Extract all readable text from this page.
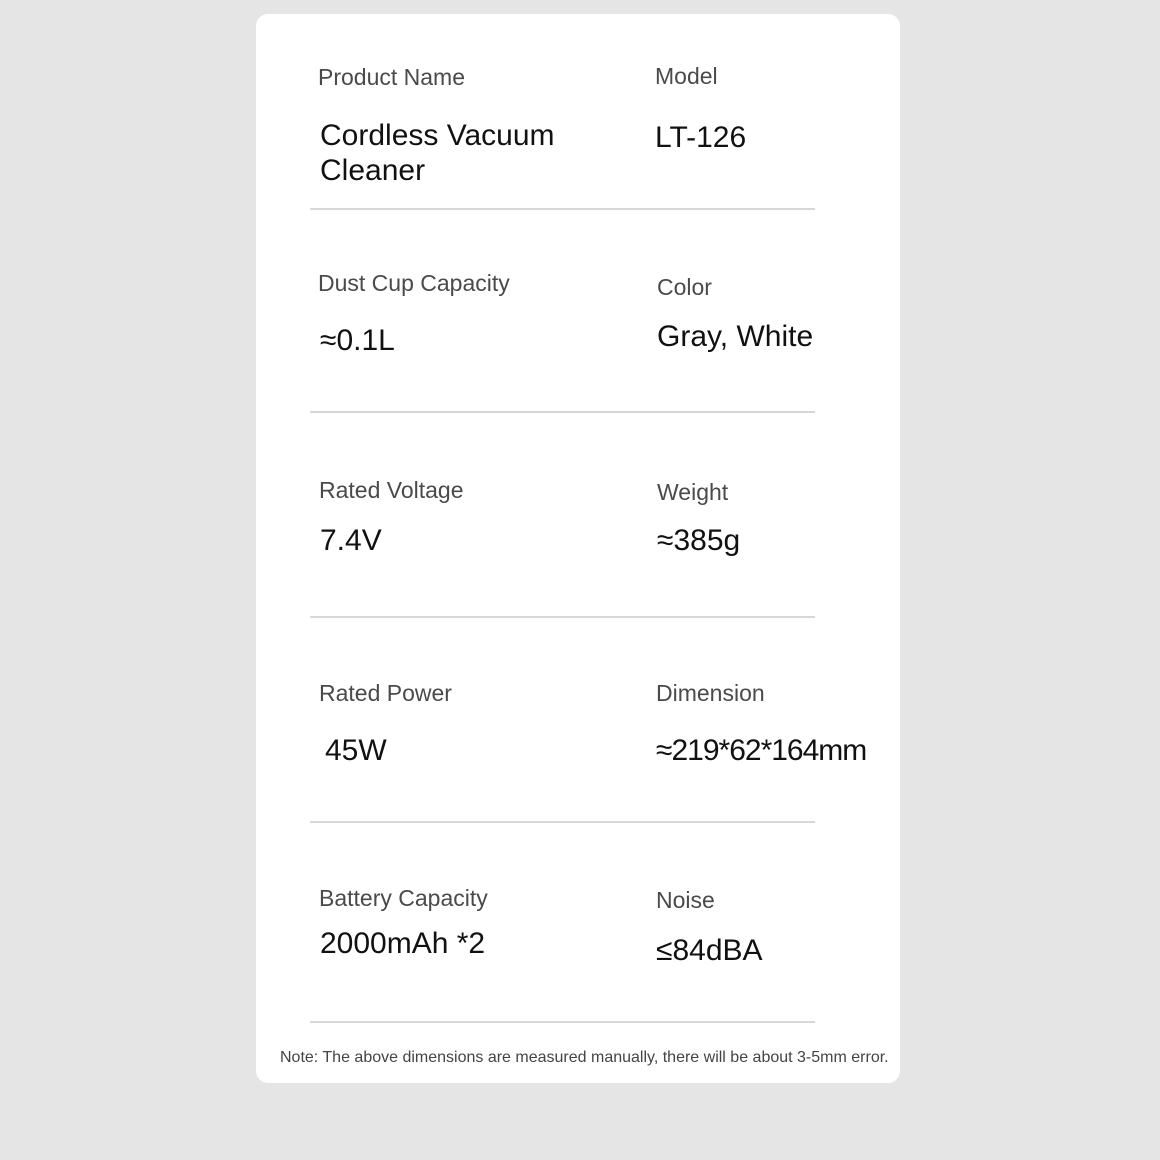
Product Name
Cordless Vacuum Cleaner
Model
LT-126
Dust Cup Capacity
≈0.1L
Color
Gray, White
Rated Voltage
7.4V
Weight
≈385g
Rated Power
45W
Dimension
≈219*62*164mm
Battery Capacity
2000mAh *2
Noise
≤84dBA
Note: The above dimensions are measured manually, there will be about 3-5mm error.
